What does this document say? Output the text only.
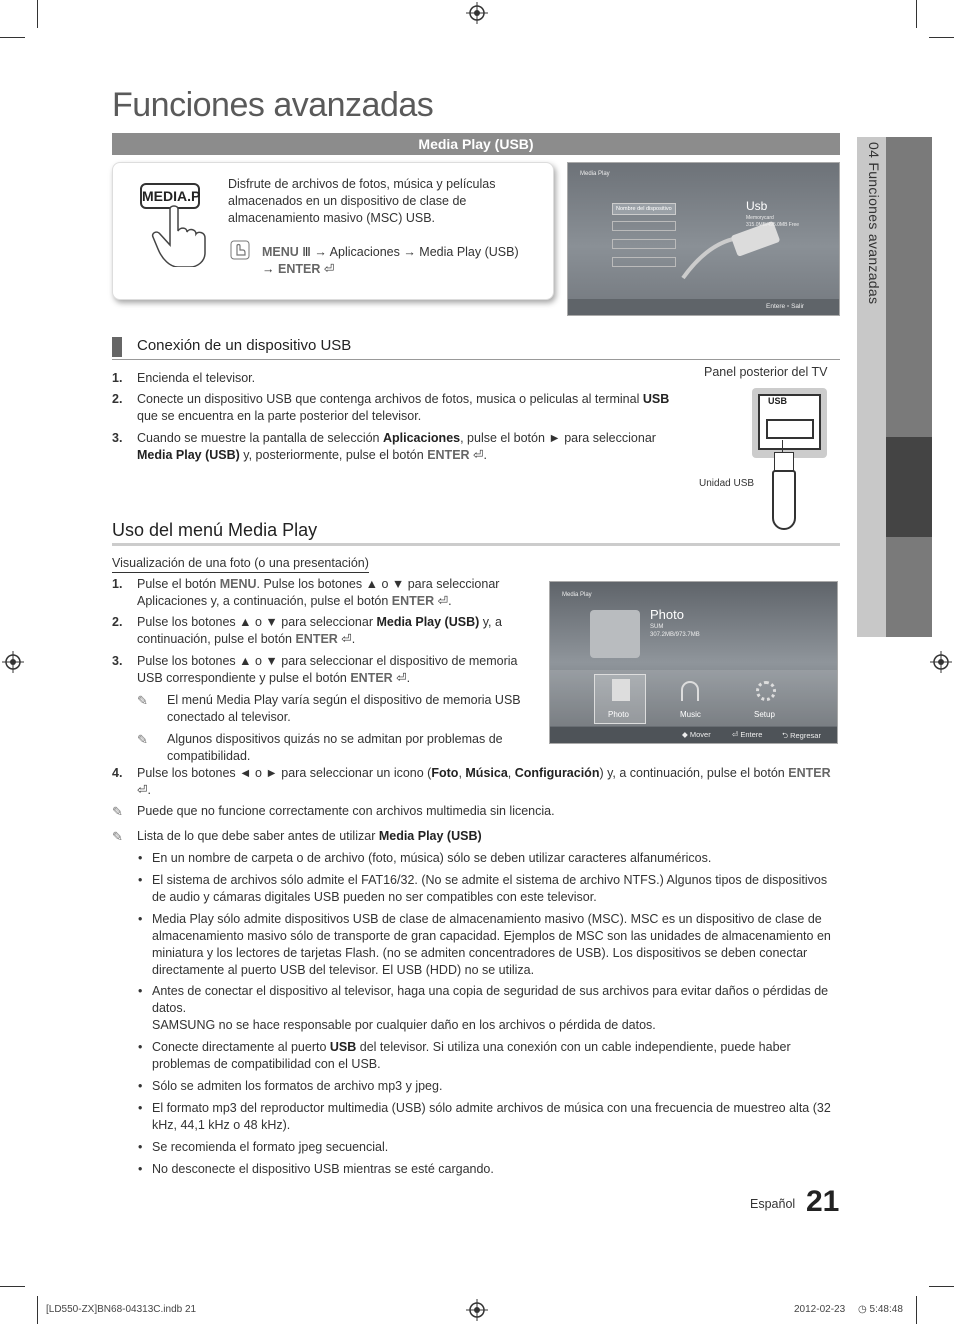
Funciones avanzadas
04 Funciones avanzadas
Media Play (USB)
MEDIA.P
Disfrute de archivos de fotos, música y películas almacenados en un dispositivo de clase de almacenamiento masivo (MSC) USB.
MENU Ⅲ → Aplicaciones → Media Play (USB) → ENTER ⏎
Media Play
Nombre del dispositivo	Usb
Memorycard
315.0MB/495.0MB Free
Entere ▫ Salir
Conexión de un dispositivo USB
1. Encienda el televisor.
2. Conecte un dispositivo USB que contenga archivos de fotos, musica o peliculas al terminal USB que se encuentra en la parte posterior del televisor.
3. Cuando se muestre la pantalla de selección Aplicaciones, pulse el botón ► para seleccionar Media Play (USB) y, posteriormente, pulse el botón ENTER ⏎.
Panel posterior del TV
USB
Unidad USB
Uso del menú Media Play
Visualización de una foto (o una presentación)
1. Pulse el botón MENU. Pulse los botones ▲ o ▼ para seleccionar Aplicaciones y, a continuación, pulse el botón ENTER ⏎.
2. Pulse los botones ▲ o ▼ para seleccionar Media Play (USB) y, a continuación, pulse el botón ENTER ⏎.
3. Pulse los botones ▲ o ▼ para seleccionar el dispositivo de memoria USB correspondiente y pulse el botón ENTER ⏎.
✎ El menú Media Play varía según el dispositivo de memoria USB conectado al televisor.
✎ Algunos dispositivos quizás no se admitan por problemas de compatibilidad.
Media Play
Photo
SUM
307.2MB/973.7MB
Photo	Music	Setup
◆ Mover	⏎ Entere	⮌ Regresar
4. Pulse los botones ◄ o ► para seleccionar un icono (Foto, Música, Configuración) y, a continuación, pulse el botón ENTER ⏎.
✎ Puede que no funcione correctamente con archivos multimedia sin licencia.
✎ Lista de lo que debe saber antes de utilizar Media Play (USB)
• En un nombre de carpeta o de archivo (foto, música) sólo se deben utilizar caracteres alfanuméricos.
• El sistema de archivos sólo admite el FAT16/32. (No se admite el sistema de archivo NTFS.) Algunos tipos de dispositivos de audio y cámaras digitales USB pueden no ser compatibles con este televisor.
• Media Play sólo admite dispositivos USB de clase de almacenamiento masivo (MSC). MSC es un dispositivo de clase de almacenamiento masivo sólo de transporte de gran capacidad. Ejemplos de MSC son las unidades de almacenamiento en miniatura y los lectores de tarjetas Flash. (no se admiten concentradores de USB). Los dispositivos se deben conectar directamente al puerto USB del televisor. El USB (HDD) no se utiliza.
• Antes de conectar el dispositivo al televisor, haga una copia de seguridad de sus archivos para evitar daños o pérdidas de datos.
SAMSUNG no se hace responsable por cualquier daño en los archivos o pérdida de datos.
• Conecte directamente al puerto USB del televisor. Si utiliza una conexión con un cable independiente, puede haber problemas de compatibilidad con el USB.
• Sólo se admiten los formatos de archivo mp3 y jpeg.
• El formato mp3 del reproductor multimedia (USB) sólo admite archivos de música con una frecuencia de muestreo alta (32 kHz, 44,1 kHz o 48 kHz).
• Se recomienda el formato jpeg secuencial.
• No desconecte el dispositivo USB mientras se esté cargando.
Español 21
[LD550-ZX]BN68-04313C.indb 21	2012-02-23 ◷ 5:48:48
